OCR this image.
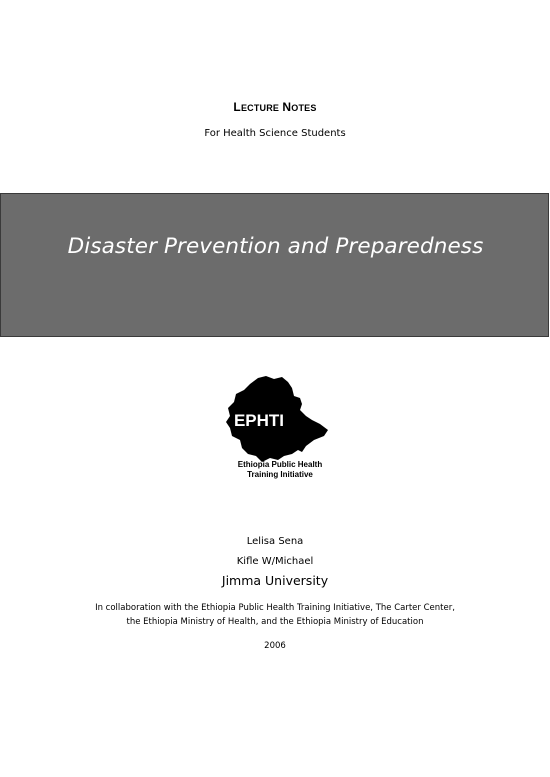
LECTURE NOTES
For Health Science Students
Disaster Prevention and Preparedness
EPHTI
Ethiopia Public Health
Training Initiative
Lelisa Sena
Kifle W/Michael
Jimma University
In collaboration with the Ethiopia Public Health Training Initiative, The Carter Center,
the Ethiopia Ministry of Health, and the Ethiopia Ministry of Education
2006
